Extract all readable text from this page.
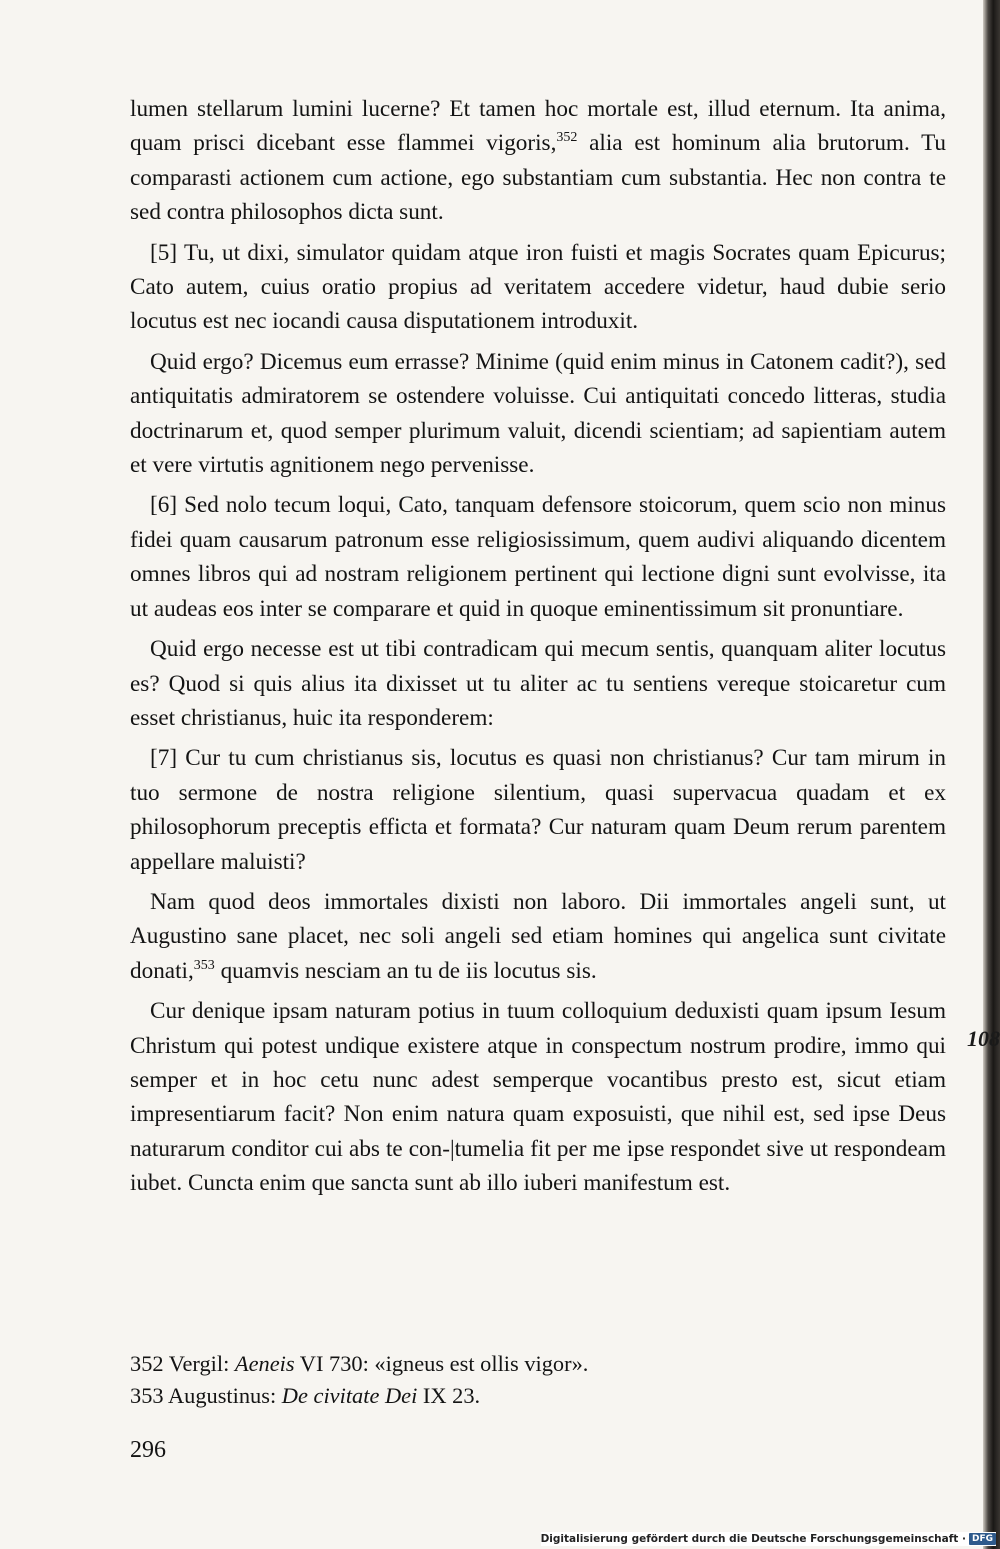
lumen stellarum lumini lucerne? Et tamen hoc mortale est, illud eternum. Ita anima, quam prisci dicebant esse flammei vigoris,$^{352}$ alia est hominum alia brutorum. Tu comparasti actionem cum actione, ego substantiam cum substantia. Hec non contra te sed contra philosophos dicta sunt.

[5] Tu, ut dixi, simulator quidam atque iron fuisti et magis Socrates quam Epicurus; Cato autem, cuius oratio propius ad veritatem accedere videtur, haud dubie serio locutus est nec iocandi causa disputationem introduxit.

Quid ergo? Dicemus eum errasse? Minime (quid enim minus in Catonem cadit?), sed antiquitatis admiratorem se ostendere voluisse. Cui antiquitati concedo litteras, studia doctrinarum et, quod semper plurimum valuit, dicendi scientiam; ad sapientiam autem et vere virtutis agnitionem nego pervenisse.

[6] Sed nolo tecum loqui, Cato, tanquam defensore stoicorum, quem scio non minus fidei quam causarum patronum esse religiosissimum, quem audivi aliquando dicentem omnes libros qui ad nostram religionem pertinent qui lectione digni sunt evolvisse, ita ut audeas eos inter se comparare et quid in quoque eminentissimum sit pronuntiare.

Quid ergo necesse est ut tibi contradicam qui mecum sentis, quanquam aliter locutus es? Quod si quis alius ita dixisset ut tu aliter ac tu sentiens vereque stoicaretur cum esset christianus, huic ita responderem:

[7] Cur tu cum christianus sis, locutus es quasi non christianus? Cur tam mirum in tuo sermone de nostra religione silentium, quasi supervacua quadam et ex philosophorum preceptis efficta et formata? Cur naturam quam Deum rerum parentem appellare maluisti?

Nam quod deos immortales dixisti non laboro. Dii immortales angeli sunt, ut Augustino sane placet, nec soli angeli sed etiam homines qui angelica sunt civitate donati,$^{353}$ quamvis nesciam an tu de iis locutus sis.

Cur denique ipsam naturam potius in tuum colloquium deduxisti quam ipsum Iesum Christum qui potest undique existere atque in conspectum nostrum prodire, immo qui semper et in hoc cetu nunc adest semperque vocantibus presto est, sicut etiam impresentiarum facit? Non enim natura quam exposuisti, que nihil est, sed ipse Deus naturarum conditor cui abs te con-|tumelia fit per me ipse respondet sive ut respondeam iubet. Cuncta enim que sancta sunt ab illo iuberi manifestum est.

108

352 Vergil: Aeneis VI 730: «igneus est ollis vigor».

353 Augustinus: De civitate Dei IX 23.

296
Digitalisierung gefördert durch die Deutsche Forschungsgemeinschaft · DFG
